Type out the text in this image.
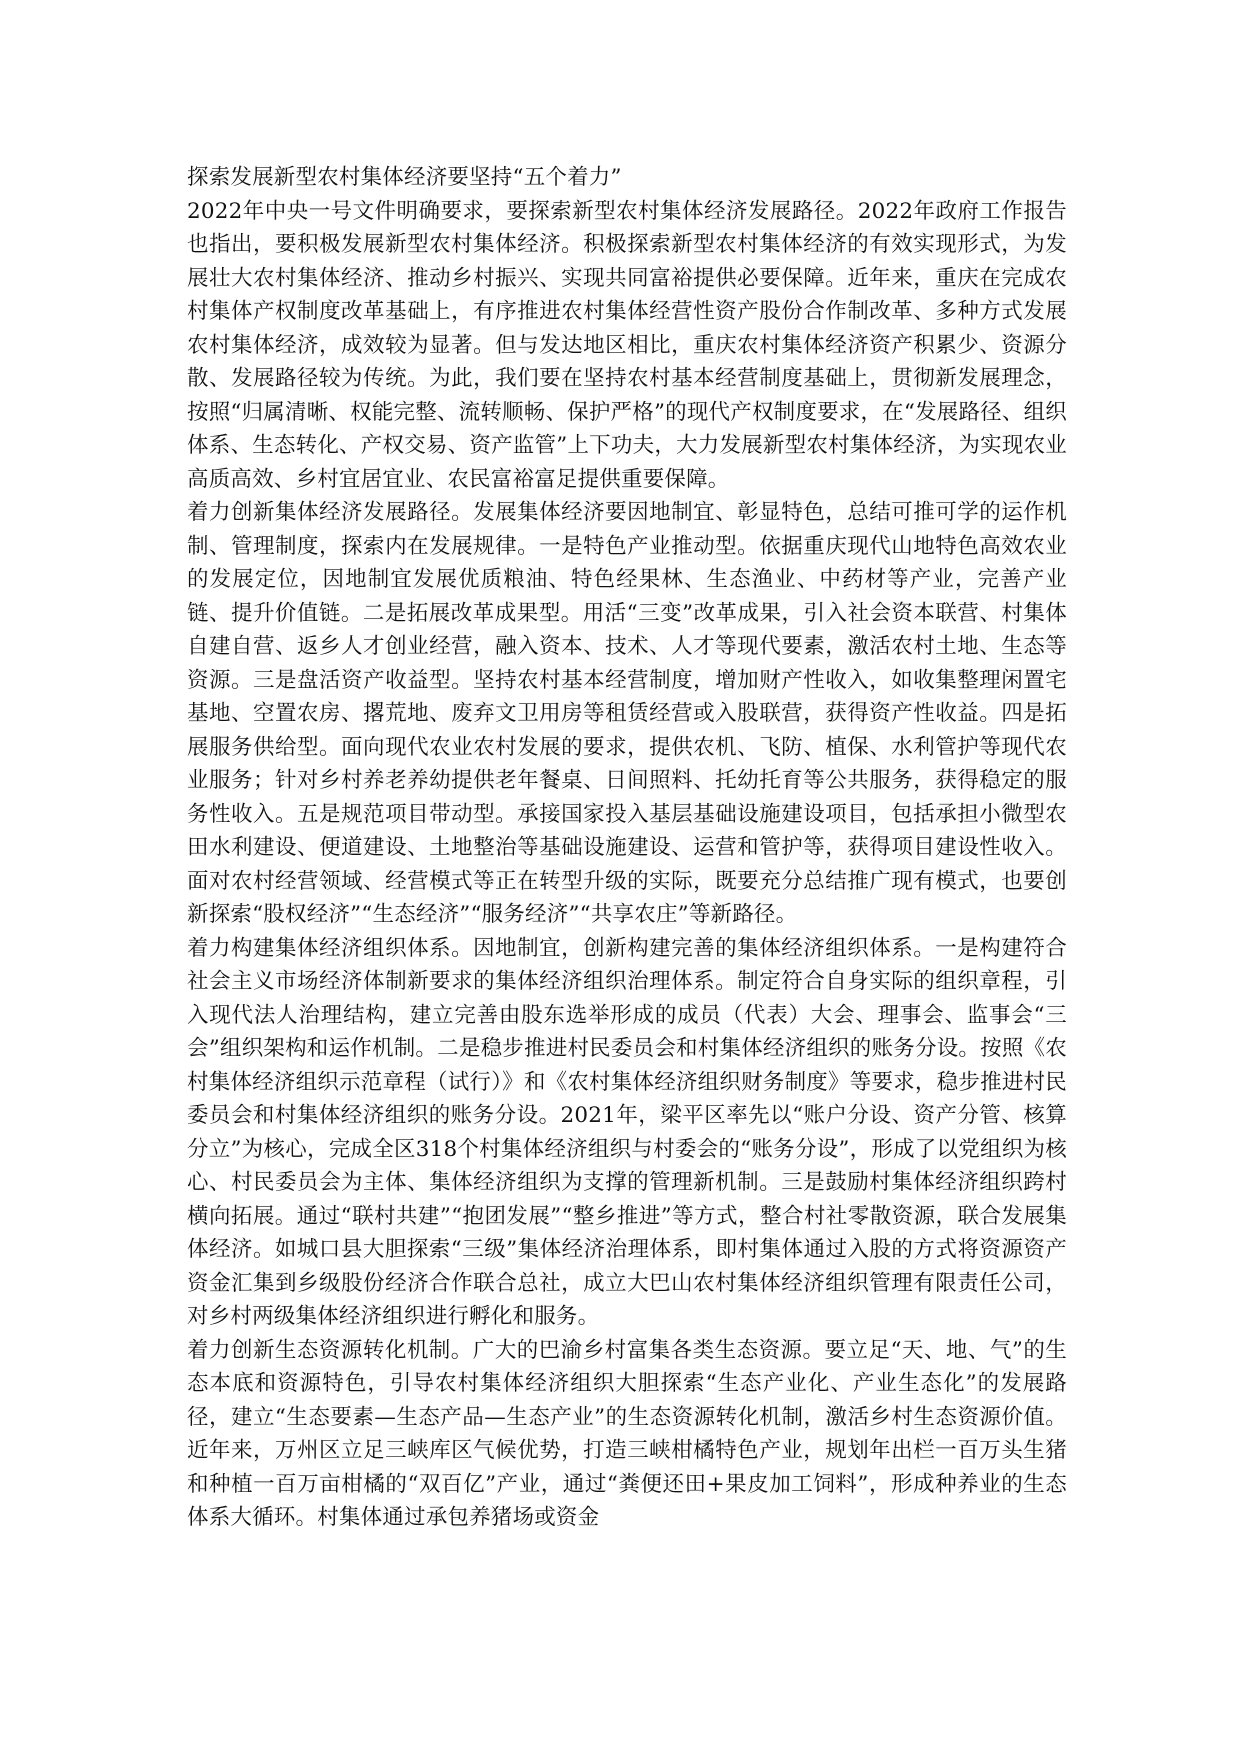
探索发展新型农村集体经济要坚持“五个着力”

2022年中央一号文件明确要求，要探索新型农村集体经济发展路径。2022年政府工作报告也指出，要积极发展新型农村集体经济。积极探索新型农村集体经济的有效实现形式，为发展壮大农村集体经济、推动乡村振兴、实现共同富裕提供必要保障。近年来，重庆在完成农村集体产权制度改革基础上，有序推进农村集体经营性资产股份合作制改革、多种方式发展农村集体经济，成效较为显著。但与发达地区相比，重庆农村集体经济资产积累少、资源分散、发展路径较为传统。为此，我们要在坚持农村基本经营制度基础上，贯彻新发展理念，按照“归属清晰、权能完整、流转顺畅、保护严格”的现代产权制度要求，在“发展路径、组织体系、生态转化、产权交易、资产监管”上下功夫，大力发展新型农村集体经济，为实现农业高质高效、乡村宜居宜业、农民富裕富足提供重要保障。

着力创新集体经济发展路径。发展集体经济要因地制宜、彰显特色，总结可推可学的运作机制、管理制度，探索内在发展规律。一是特色产业推动型。依据重庆现代山地特色高效农业的发展定位，因地制宜发展优质粮油、特色经果林、生态渔业、中药材等产业，完善产业链、提升价值链。二是拓展改革成果型。用活“三变”改革成果，引入社会资本联营、村集体自建自营、返乡人才创业经营，融入资本、技术、人才等现代要素，激活农村土地、生态等资源。三是盘活资产收益型。坚持农村基本经营制度，增加财产性收入，如收集整理闲置宅基地、空置农房、撂荒地、废弃文卫用房等租赁经营或入股联营，获得资产性收益。四是拓展服务供给型。面向现代农业农村发展的要求，提供农机、飞防、植保、水利管护等现代农业服务；针对乡村养老养幼提供老年餐桌、日间照料、托幼托育等公共服务，获得稳定的服务性收入。五是规范项目带动型。承接国家投入基层基础设施建设项目，包括承担小微型农田水利建设、便道建设、土地整治等基础设施建设、运营和管护等，获得项目建设性收入。面对农村经营领域、经营模式等正在转型升级的实际，既要充分总结推广现有模式，也要创新探索“股权经济”“生态经济”“服务经济”“共享农庄”等新路径。

着力构建集体经济组织体系。因地制宜，创新构建完善的集体经济组织体系。一是构建符合社会主义市场经济体制新要求的集体经济组织治理体系。制定符合自身实际的组织章程，引入现代法人治理结构，建立完善由股东选举形成的成员（代表）大会、理事会、监事会“三会”组织架构和运作机制。二是稳步推进村民委员会和村集体经济组织的账务分设。按照《农村集体经济组织示范章程（试行）》和《农村集体经济组织财务制度》等要求，稳步推进村民委员会和村集体经济组织的账务分设。2021年，梁平区率先以“账户分设、资产分管、核算分立”为核心，完成全区318个村集体经济组织与村委会的“账务分设”，形成了以党组织为核心、村民委员会为主体、集体经济组织为支撑的管理新机制。三是鼓励村集体经济组织跨村横向拓展。通过“联村共建”“抱团发展”“整乡推进”等方式，整合村社零散资源，联合发展集体经济。如城口县大胆探索“三级”集体经济治理体系，即村集体通过入股的方式将资源资产资金汇集到乡级股份经济合作联合总社，成立大巴山农村集体经济组织管理有限责任公司，对乡村两级集体经济组织进行孵化和服务。

着力创新生态资源转化机制。广大的巴渝乡村富集各类生态资源。要立足“天、地、气”的生态本底和资源特色，引导农村集体经济组织大胆探索“生态产业化、产业生态化”的发展路径，建立“生态要素—生态产品—生态产业”的生态资源转化机制，激活乡村生态资源价值。近年来，万州区立足三峡库区气候优势，打造三峡柑橘特色产业，规划年出栏一百万头生猪和种植一百万亩柑橘的“双百亿”产业，通过“粪便还田+果皮加工饲料”，形成种养业的生态体系大循环。村集体通过承包养猪场或资金
